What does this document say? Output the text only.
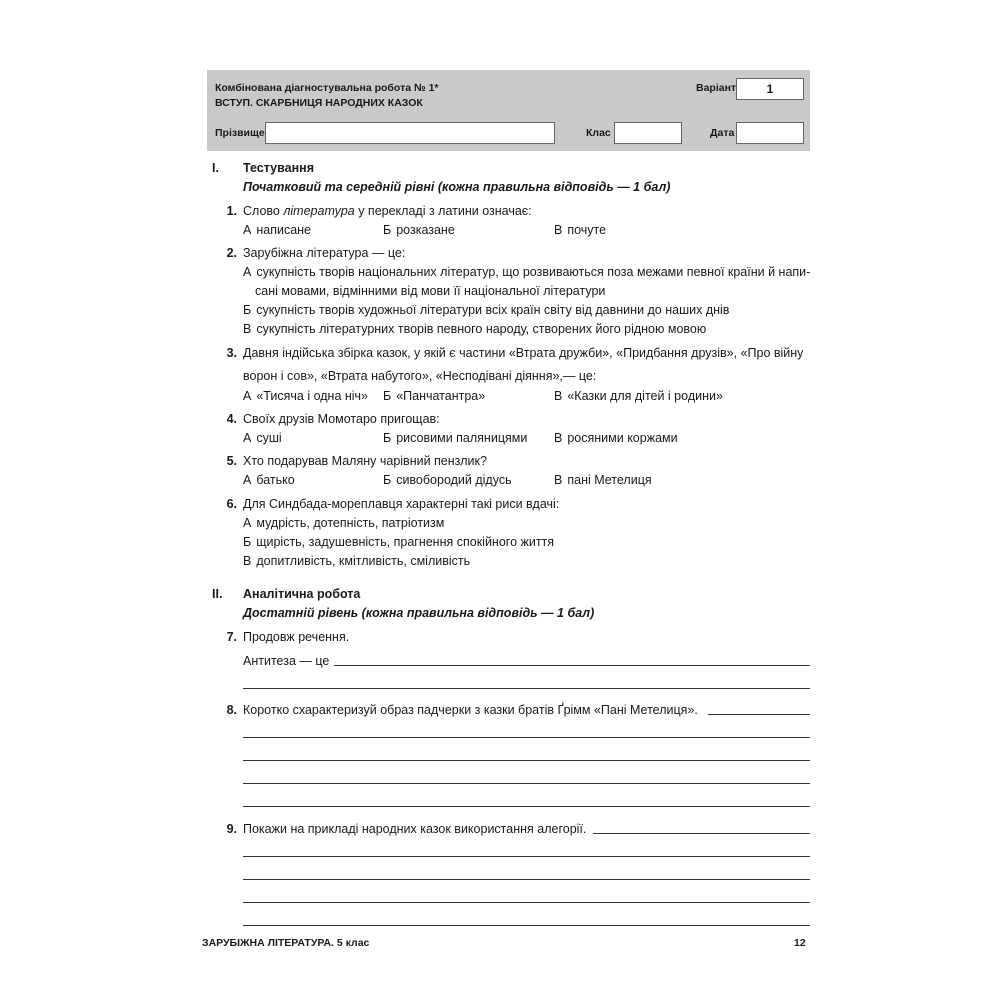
Комбінована діагностувальна робота № 1*
ВСТУП. СКАРБНИЦЯ НАРОДНИХ КАЗОК
Варіант	1
Прізвище	Клас	Дата
I. Тестування
Початковий та середній рівні (кожна правильна відповідь — 1 бал)
1. Слово література у перекладі з латини означає:
А написане	Б розказане	В почуте
2. Зарубіжна література — це:
А сукупність творів національних літератур, що розвиваються поза межами певної країни й напи-
сані мовами, відмінними від мови її національної літератури
Б сукупність творів художньої літератури всіх країн світу від давнини до наших днів
В сукупність літературних творів певного народу, створених його рідною мовою
3. Давня індійська збірка казок, у якій є частини «Втрата дружби», «Придбання друзів», «Про війну
ворон і сов», «Втрата набутого», «Несподівані діяння»,— це:
А «Тисяча і одна ніч» Б «Панчатантра»	В «Казки для дітей і родини»
4. Своїх друзів Момотаро пригощав:
А суші	Б рисовими паляницями В росяними коржами
5. Хто подарував Маляну чарівний пензлик?
А батько	Б сивобородий дідусь	В пані Метелиця
6. Для Синдбада-мореплавця характерні такі риси вдачі:
А мудрість, дотепність, патріотизм
Б щирість, задушевність, прагнення спокійного життя
В допитливість, кмітливість, сміливість
II. Аналітична робота
Достатній рівень (кожна правильна відповідь — 1 бал)
7. Продовж речення.
Антитеза — це
8. Коротко схарактеризуй образ падчерки з казки братів Ґрімм «Пані Метелиця».
9. Покажи на прикладі народних казок використання алегорії.
ЗАРУБІЖНА ЛІТЕРАТУРА. 5 клас	12
